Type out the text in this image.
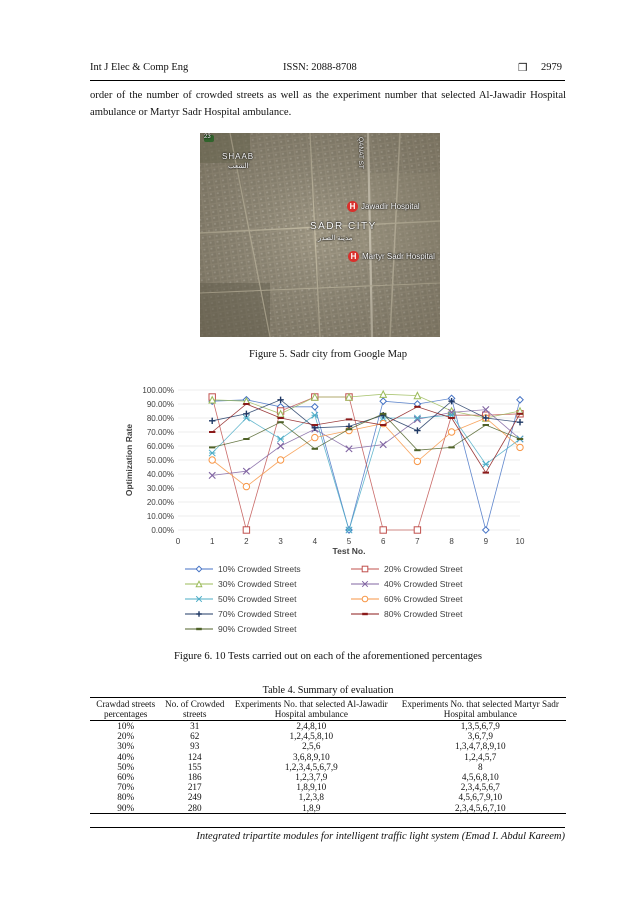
Int J Elec & Comp Eng	ISSN: 2088-8708	❒ 2979
order of the number of crowded streets as well as the experiment number that selected Al-Jawadir Hospital ambulance or Martyr Sadr Hospital ambulance.
23
SHAAB
الشعب	QANAT ST
SADR CITY
مدينة الصدر
H Jawadir Hospital
H Martyr Sadr Hospital
Figure 5. Sadr city from Google Map
0.00%
10.00%
20.00%
30.00%
40.00%
50.00%
60.00%
70.00%
80.00%
90.00%
100.00%
0	1	2	3	4	5	6	7	8	9	10
Test No.
Optimization Rate
10% Crowded Streets	20% Crowded Street
30% Crowded Street	40% Crowded Street
50% Crowded Street	60% Crowded Street
70% Crowded Street	80% Crowded Street
90% Crowded Street
Figure 6. 10 Tests carried out on each of the aforementioned percentages
Table 4. Summary of evaluation
Crawdad streets percentages	No. of Crowded streets	Experiments No. that selected Al-Jawadir Hospital ambulance	Experiments No. that selected Martyr Sadr Hospital ambulance
10%	31	2,4,8,10	1,3,5,6,7,9
20%	62	1,2,4,5,8,10	3,6,7,9
30%	93	2,5,6	1,3,4,7,8,9,10
40%	124	3,6,8,9,10	1,2,4,5,7
50%	155	1,2,3,4,5,6,7,9	8
60%	186	1,2,3,7,9	4,5,6,8,10
70%	217	1,8,9,10	2,3,4,5,6,7
80%	249	1,2,3,8	4,5,6,7,9,10
90%	280	1,8,9	2,3,4,5,6,7,10
Integrated tripartite modules for intelligent traffic light system (Emad I. Abdul Kareem)
